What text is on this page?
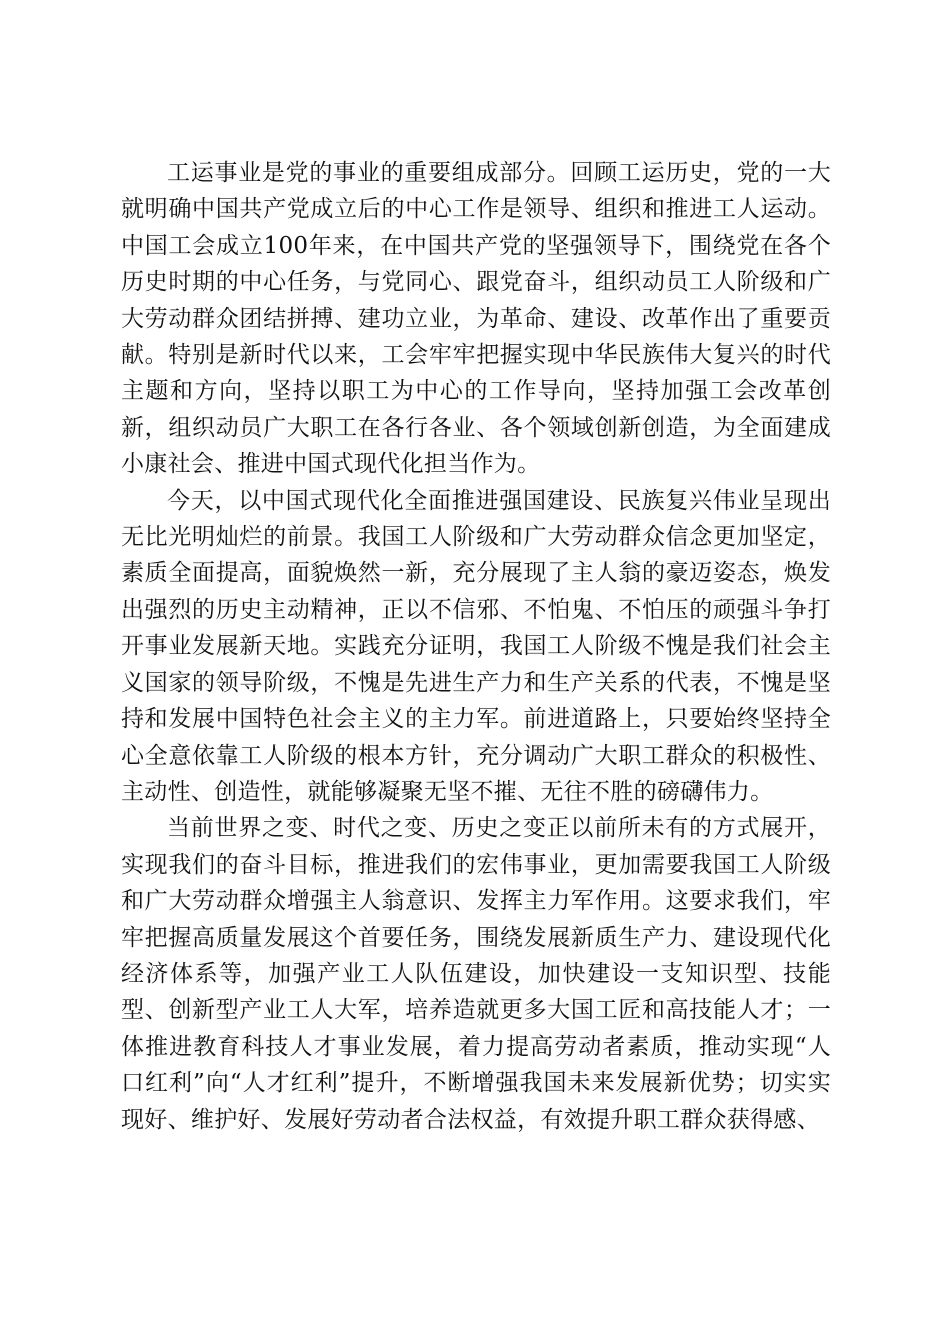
工运事业是党的事业的重要组成部分。回顾工运历史，党的一大就明确中国共产党成立后的中心工作是领导、组织和推进工人运动。中国工会成立100年来，在中国共产党的坚强领导下，围绕党在各个历史时期的中心任务，与党同心、跟党奋斗，组织动员工人阶级和广大劳动群众团结拼搏、建功立业，为革命、建设、改革作出了重要贡献。特别是新时代以来，工会牢牢把握实现中华民族伟大复兴的时代主题和方向，坚持以职工为中心的工作导向，坚持加强工会改革创新，组织动员广大职工在各行各业、各个领域创新创造，为全面建成小康社会、推进中国式现代化担当作为。

今天，以中国式现代化全面推进强国建设、民族复兴伟业呈现出无比光明灿烂的前景。我国工人阶级和广大劳动群众信念更加坚定，素质全面提高，面貌焕然一新，充分展现了主人翁的豪迈姿态，焕发出强烈的历史主动精神，正以不信邪、不怕鬼、不怕压的顽强斗争打开事业发展新天地。实践充分证明，我国工人阶级不愧是我们社会主义国家的领导阶级，不愧是先进生产力和生产关系的代表，不愧是坚持和发展中国特色社会主义的主力军。前进道路上，只要始终坚持全心全意依靠工人阶级的根本方针，充分调动广大职工群众的积极性、主动性、创造性，就能够凝聚无坚不摧、无往不胜的磅礴伟力。

当前世界之变、时代之变、历史之变正以前所未有的方式展开，实现我们的奋斗目标，推进我们的宏伟事业，更加需要我国工人阶级和广大劳动群众增强主人翁意识、发挥主力军作用。这要求我们，牢牢把握高质量发展这个首要任务，围绕发展新质生产力、建设现代化经济体系等，加强产业工人队伍建设，加快建设一支知识型、技能型、创新型产业工人大军，培养造就更多大国工匠和高技能人才；一体推进教育科技人才事业发展，着力提高劳动者素质，推动实现“人口红利”向“人才红利”提升，不断增强我国未来发展新优势；切实实现好、维护好、发展好劳动者合法权益，有效提升职工群众获得感、
